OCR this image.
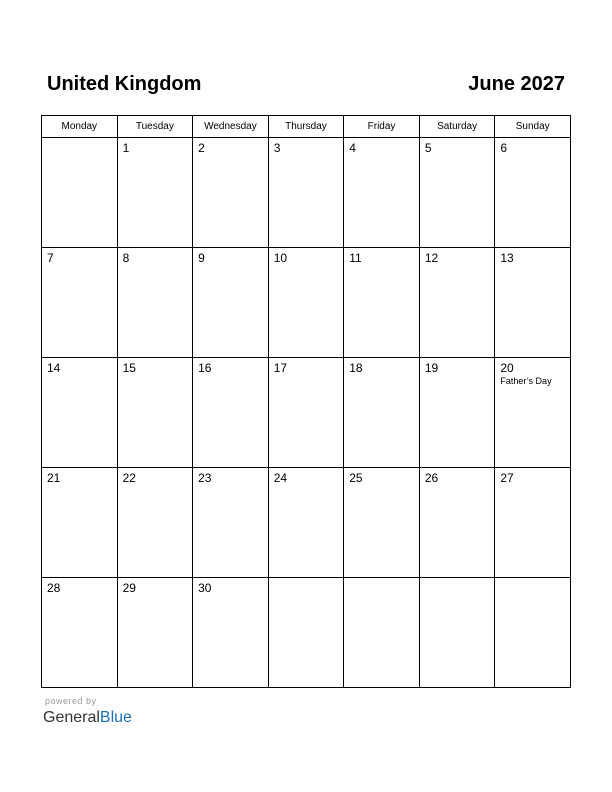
United Kingdom	June 2027
Monday	Tuesday	Wednesday	Thursday	Friday	Saturday	Sunday

	1	2	3	4	5	6

7	8	9	10	11	12	13

14	15	16	17	18	19	20
Father’s Day

21	22	23	24	25	26	27

28	29	30				

powered by
GeneralBlue
